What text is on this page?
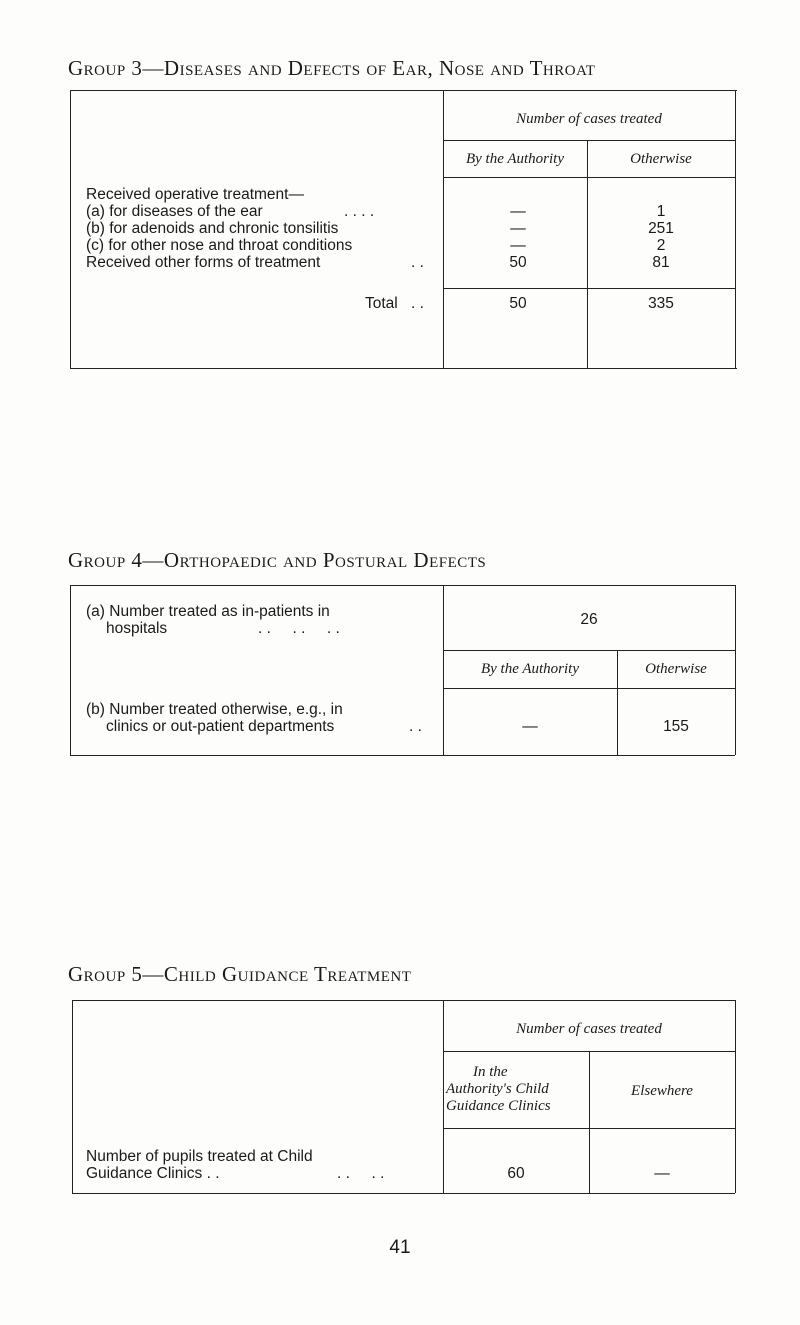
Group 3—Diseases and Defects of Ear, Nose and Throat
Number of cases treated
By the Authority	Otherwise
Received operative treatment—
(a) for diseases of the ear	. . . .	—	1
(b) for adenoids and chronic tonsilitis	—	251
(c) for other nose and throat conditions	—	2
Received other forms of treatment	. .	50	81
Total . .	50	335
Group 4—Orthopaedic and Postural Defects
(a) Number treated as in-patients in
hospitals	. .     . .     . .
26
By the Authority	Otherwise
(b) Number treated otherwise, e.g., in
clinics or out-patient departments	. .	—	155
Group 5—Child Guidance Treatment
Number of cases treated
In the
Authority's Child
Guidance Clinics
Elsewhere
Number of pupils treated at Child
Guidance Clinics . .	. .     . .	60	—
41
